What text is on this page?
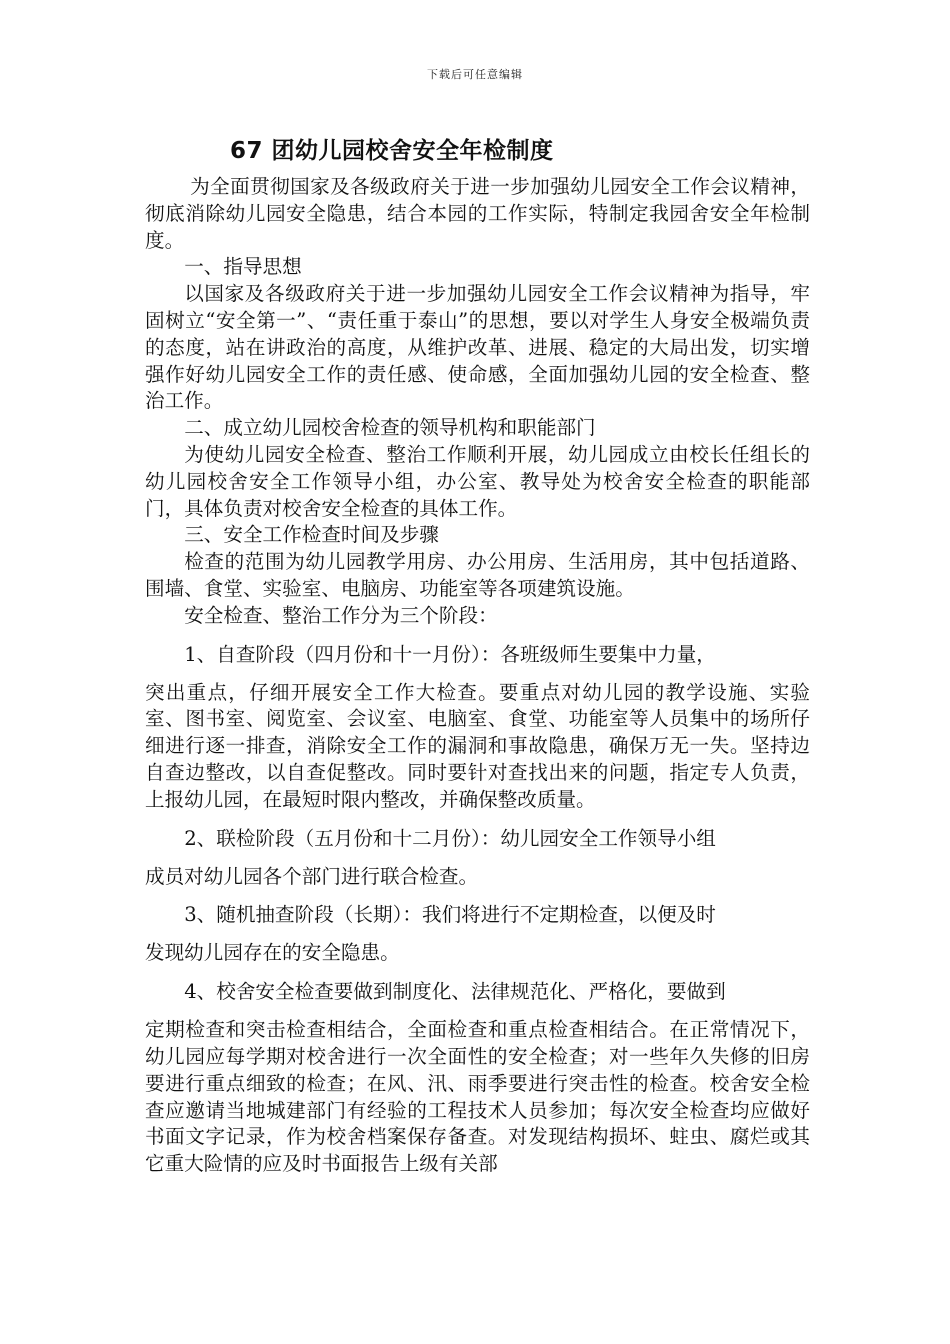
下载后可任意编辑
67 团幼儿园校舍安全年检制度

为全面贯彻国家及各级政府关于进一步加强幼儿园安全工作会议精神，彻底消除幼儿园安全隐患，结合本园的工作实际，特制定我园舍安全年检制度。

一、指导思想

以国家及各级政府关于进一步加强幼儿园安全工作会议精神为指导，牢固树立“安全第一”、“责任重于泰山”的思想，要以对学生人身安全极端负责的态度，站在讲政治的高度，从维护改革、进展、稳定的大局出发，切实增强作好幼儿园安全工作的责任感、使命感，全面加强幼儿园的安全检查、整治工作。

二、成立幼儿园校舍检查的领导机构和职能部门

为使幼儿园安全检查、整治工作顺利开展，幼儿园成立由校长任组长的幼儿园校舍安全工作领导小组，办公室、教导处为校舍安全检查的职能部门，具体负责对校舍安全检查的具体工作。

三、安全工作检查时间及步骤

检查的范围为幼儿园教学用房、办公用房、生活用房，其中包括道路、围墙、食堂、实验室、电脑房、功能室等各项建筑设施。

安全检查、整治工作分为三个阶段：

1、自查阶段（四月份和十一月份）：各班级师生要集中力量，

突出重点，仔细开展安全工作大检查。要重点对幼儿园的教学设施、实验室、图书室、阅览室、会议室、电脑室、食堂、功能室等人员集中的场所仔细进行逐一排查，消除安全工作的漏洞和事故隐患，确保万无一失。坚持边自查边整改，以自查促整改。同时要针对查找出来的问题，指定专人负责，上报幼儿园，在最短时限内整改，并确保整改质量。

2、联检阶段（五月份和十二月份）：幼儿园安全工作领导小组

成员对幼儿园各个部门进行联合检查。

3、随机抽查阶段（长期）：我们将进行不定期检查，以便及时

发现幼儿园存在的安全隐患。

4、校舍安全检查要做到制度化、法律规范化、严格化，要做到

定期检查和突击检查相结合，全面检查和重点检查相结合。在正常情况下，幼儿园应每学期对校舍进行一次全面性的安全检查；对一些年久失修的旧房要进行重点细致的检查；在风、汛、雨季要进行突击性的检查。校舍安全检查应邀请当地城建部门有经验的工程技术人员参加；每次安全检查均应做好书面文字记录，作为校舍档案保存备查。对发现结构损坏、蛀虫、腐烂或其它重大险情的应及时书面报告上级有关部
